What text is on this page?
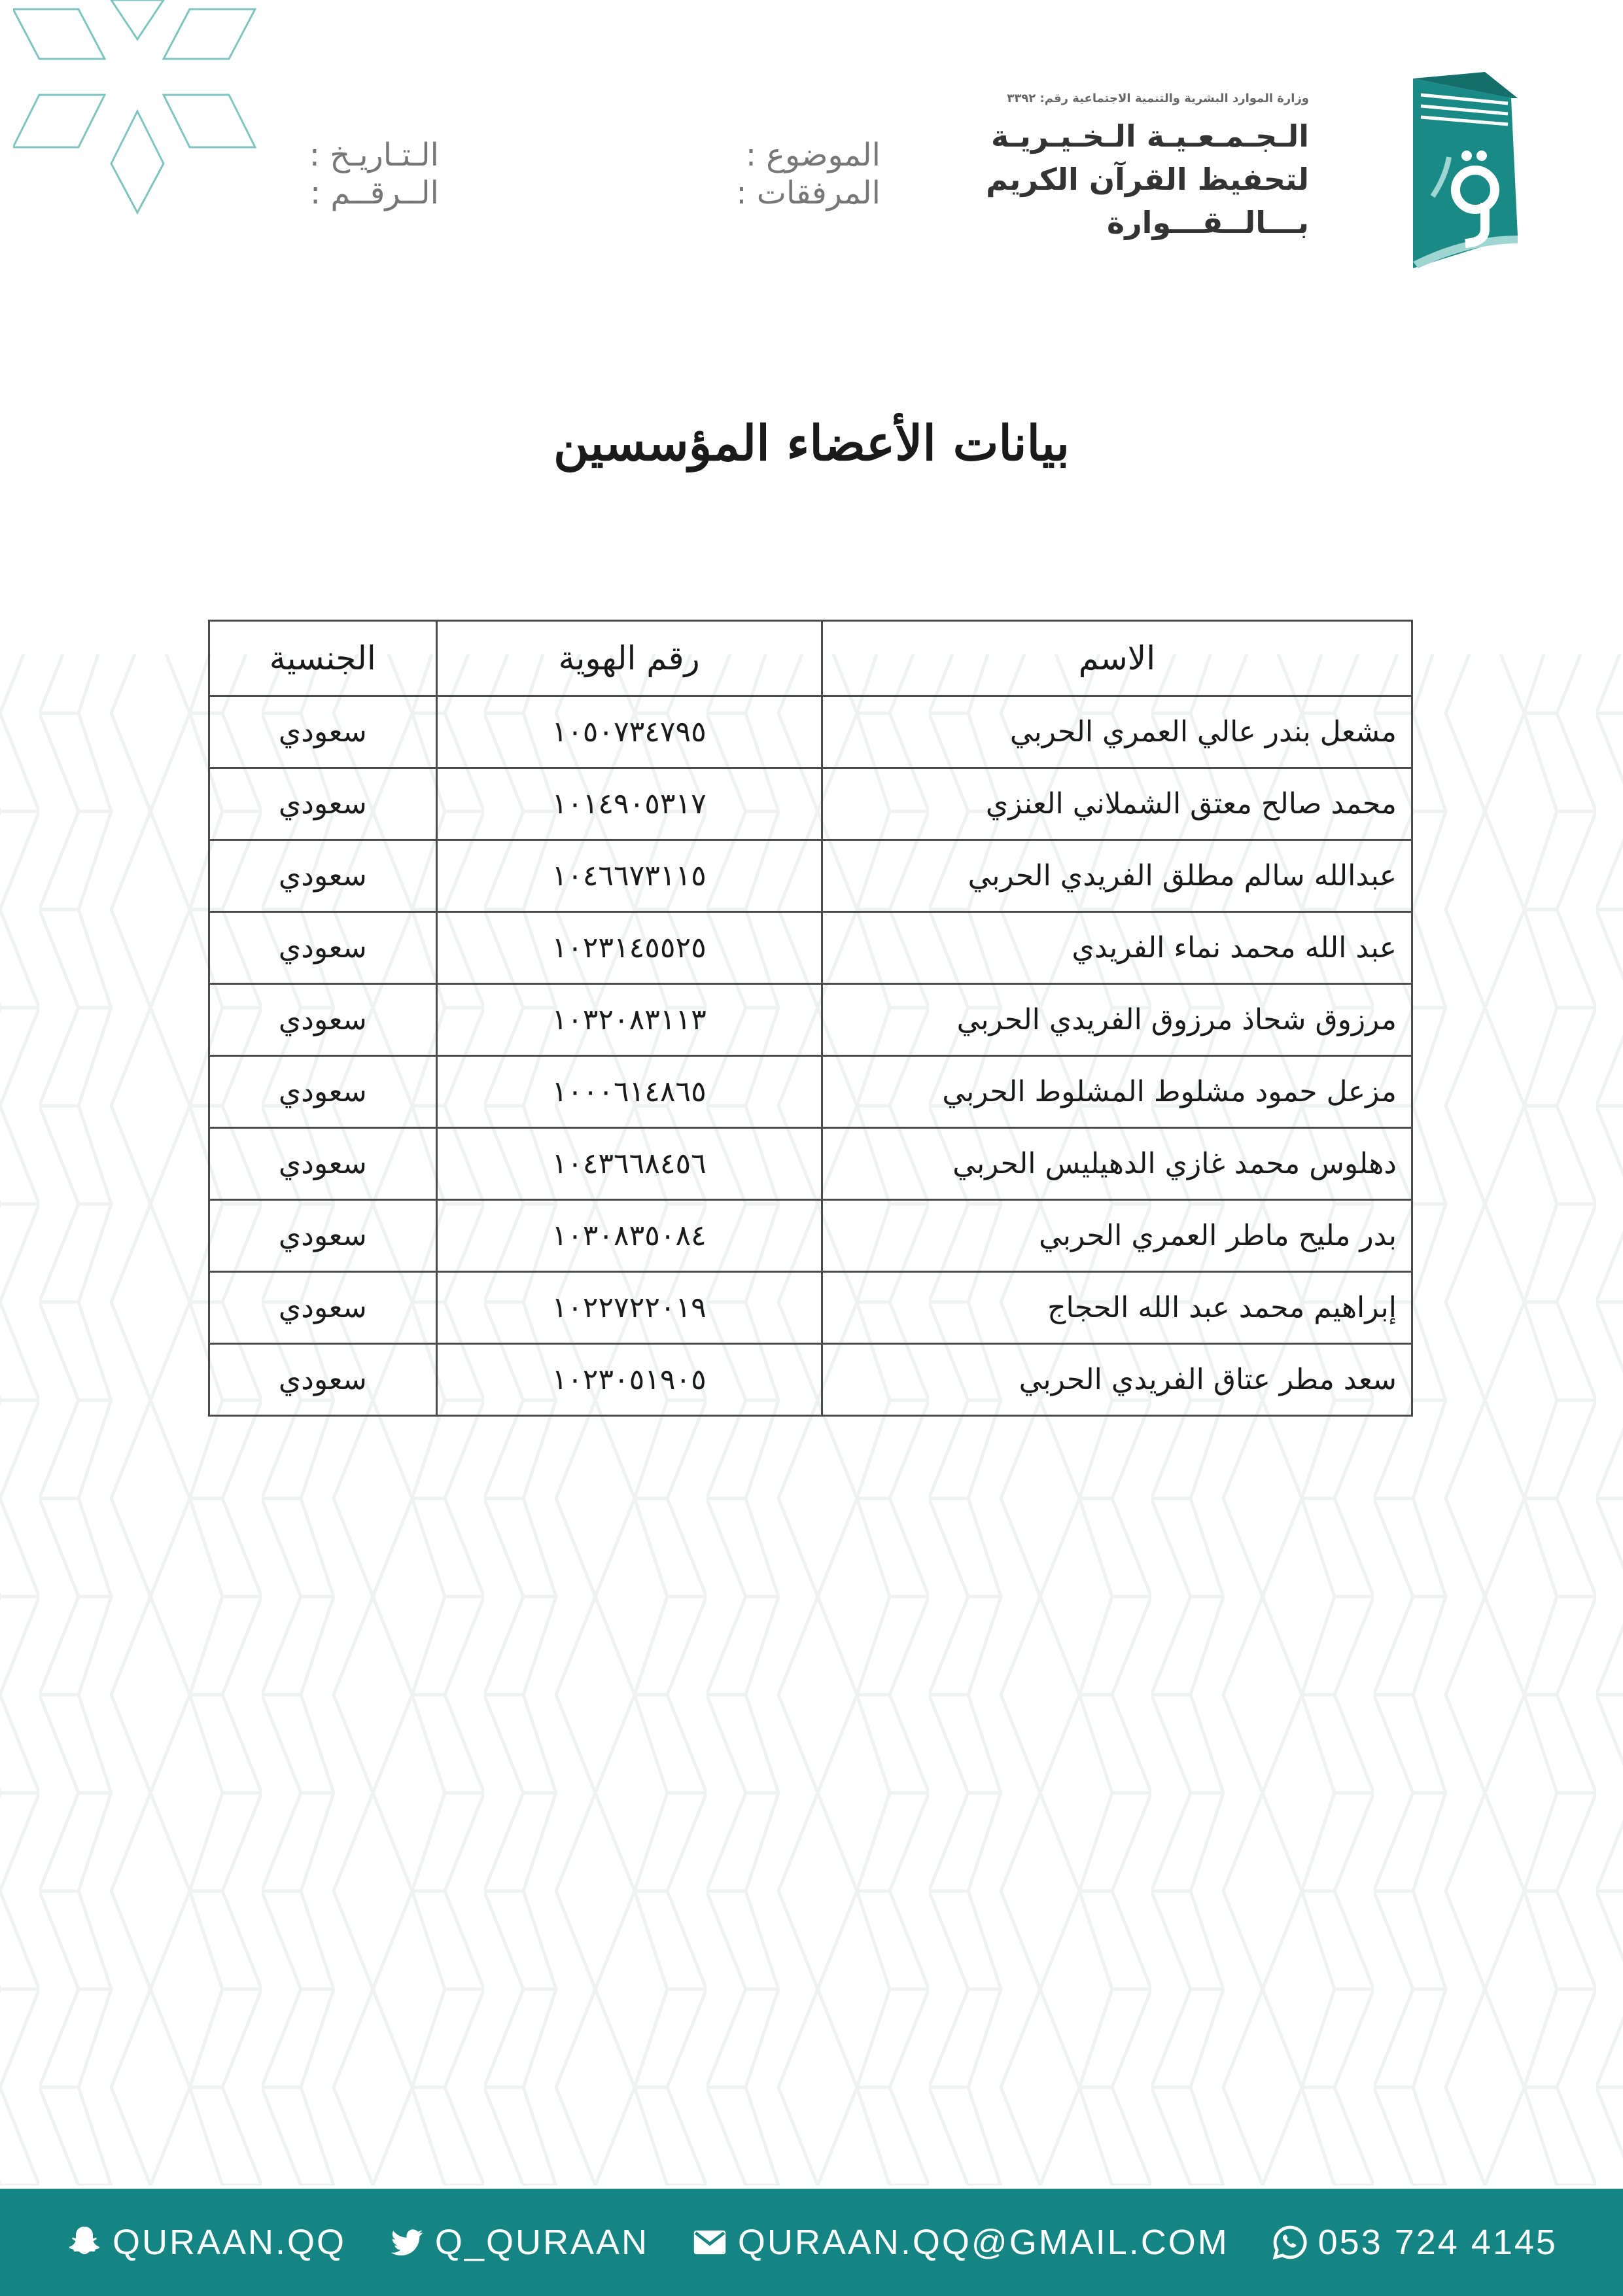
وزارة الموارد البشرية والتنمية الاجتماعية رقم: ٣٣٩٢
الـجـمـعـيـة الـخـيـريـة
لتحفيظ القرآن الكريم
بـــالــقـــوارة
الموضوع :
المرفقات :
الـتـاريـخ :
الــرقــم :
بيانات الأعضاء المؤسسين
الاسم	رقم الهوية	الجنسية
مشعل بندر عالي العمري الحربي	١٠٥٠٧٣٤٧٩٥	سعودي
محمد صالح معتق الشملاني العنزي	١٠١٤٩٠٥٣١٧	سعودي
عبدالله سالم مطلق الفريدي الحربي	١٠٤٦٦٧٣١١٥	سعودي
عبد الله محمد نماء الفريدي	١٠٢٣١٤٥٥٢٥	سعودي
مرزوق شحاذ مرزوق الفريدي الحربي	١٠٣٢٠٨٣١١٣	سعودي
مزعل حمود مشلوط المشلوط الحربي	١٠٠٠٦١٤٨٦٥	سعودي
دهلوس محمد غازي الدهيليس الحربي	١٠٤٣٦٦٨٤٥٦	سعودي
بدر مليح ماطر العمري الحربي	١٠٣٠٨٣٥٠٨٤	سعودي
إبراهيم محمد عبد الله الحجاج	١٠٢٢٧٢٢٠١٩	سعودي
سعد مطر عتاق الفريدي الحربي	١٠٢٣٠٥١٩٠٥	سعودي
QURAAN.QQ	Q_QURAAN	QURAAN.QQ@GMAIL.COM	053 724 4145
